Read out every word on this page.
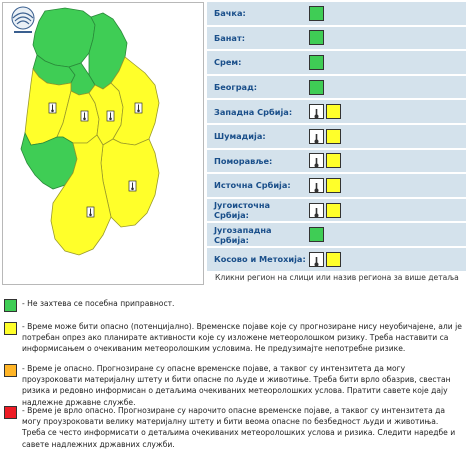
Бачка:
Банат:
Срем:
Београд:
Западна Србија:
Шумадија:
Поморавље:
Источна Србија:
Југоисточна Србија:
Југозападна Србија:
Косово и Метохија:
Кликни регион на слици или назив региона за више детаља
- Не захтева се посебна приправност.
- Време може бити опасно (потенцијално). Временске појаве које су прогнозиране нису неуобичајене, али је потребан опрез ако планирате активности које су изложене метеоролошком ризику. Треба наставити са информисањем о очекиваним метеоролошким условима. Не предузимајте непотребне ризике.
- Време је опасно. Прогнозиране су опасне временске појаве, а таквог су интензитета да могу проузроковати материјалну штету и бити опасне по људе и животиње. Треба бити врло обазрив, свестан ризика и редовно информисан о детаљима очекиваних метеоролошких услова. Пратити савете које дају надлежне државне службе.
- Време је врло опасно. Прогнозиране су нарочито опасне временске појаве, а таквог су интензитета да могу проузроковати велику материјалну штету и бити веома опасне по безбедност људи и животиња. Треба се често информисати о детаљима очекиваних метеоролошких услова и ризика. Следити наредбе и савете надлежних државних служби.
